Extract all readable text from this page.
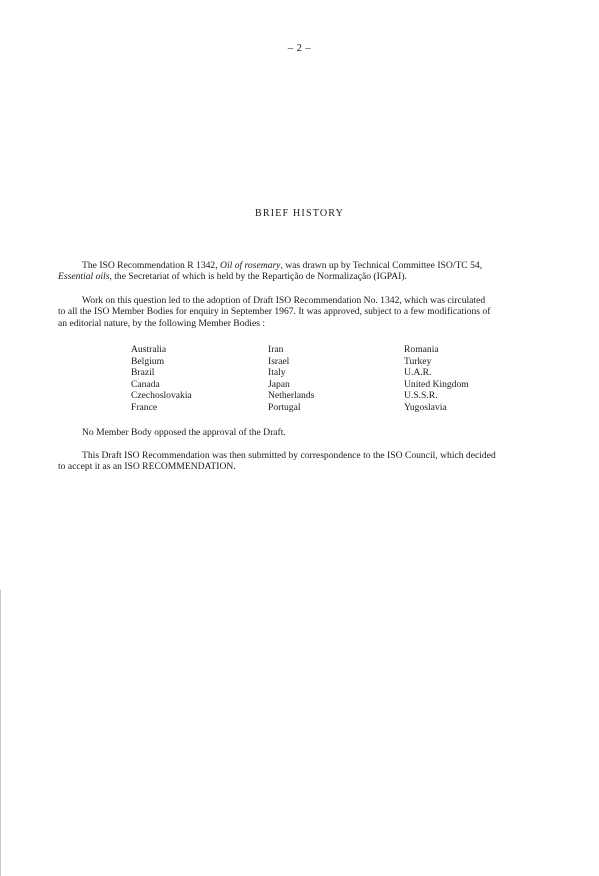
– 2 –
BRIEF HISTORY

The ISO Recommendation R 1342, Oil of rosemary, was drawn up by Technical Committee ISO/TC 54,
Essential oils, the Secretariat of which is held by the Repartição de Normalização (IGPAI).

Work on this question led to the adoption of Draft ISO Recommendation No. 1342, which was circulated
to all the ISO Member Bodies for enquiry in September 1967. It was approved, subject to a few modifications of
an editorial nature, by the following Member Bodies :

Australia
Belgium
Brazil
Canada
Czechoslovakia
France
Iran
Israel
Italy
Japan
Netherlands
Portugal
Romania
Turkey
U.A.R.
United Kingdom
U.S.S.R.
Yugoslavia

No Member Body opposed the approval of the Draft.

This Draft ISO Recommendation was then submitted by correspondence to the ISO Council, which decided
to accept it as an ISO RECOMMENDATION.
